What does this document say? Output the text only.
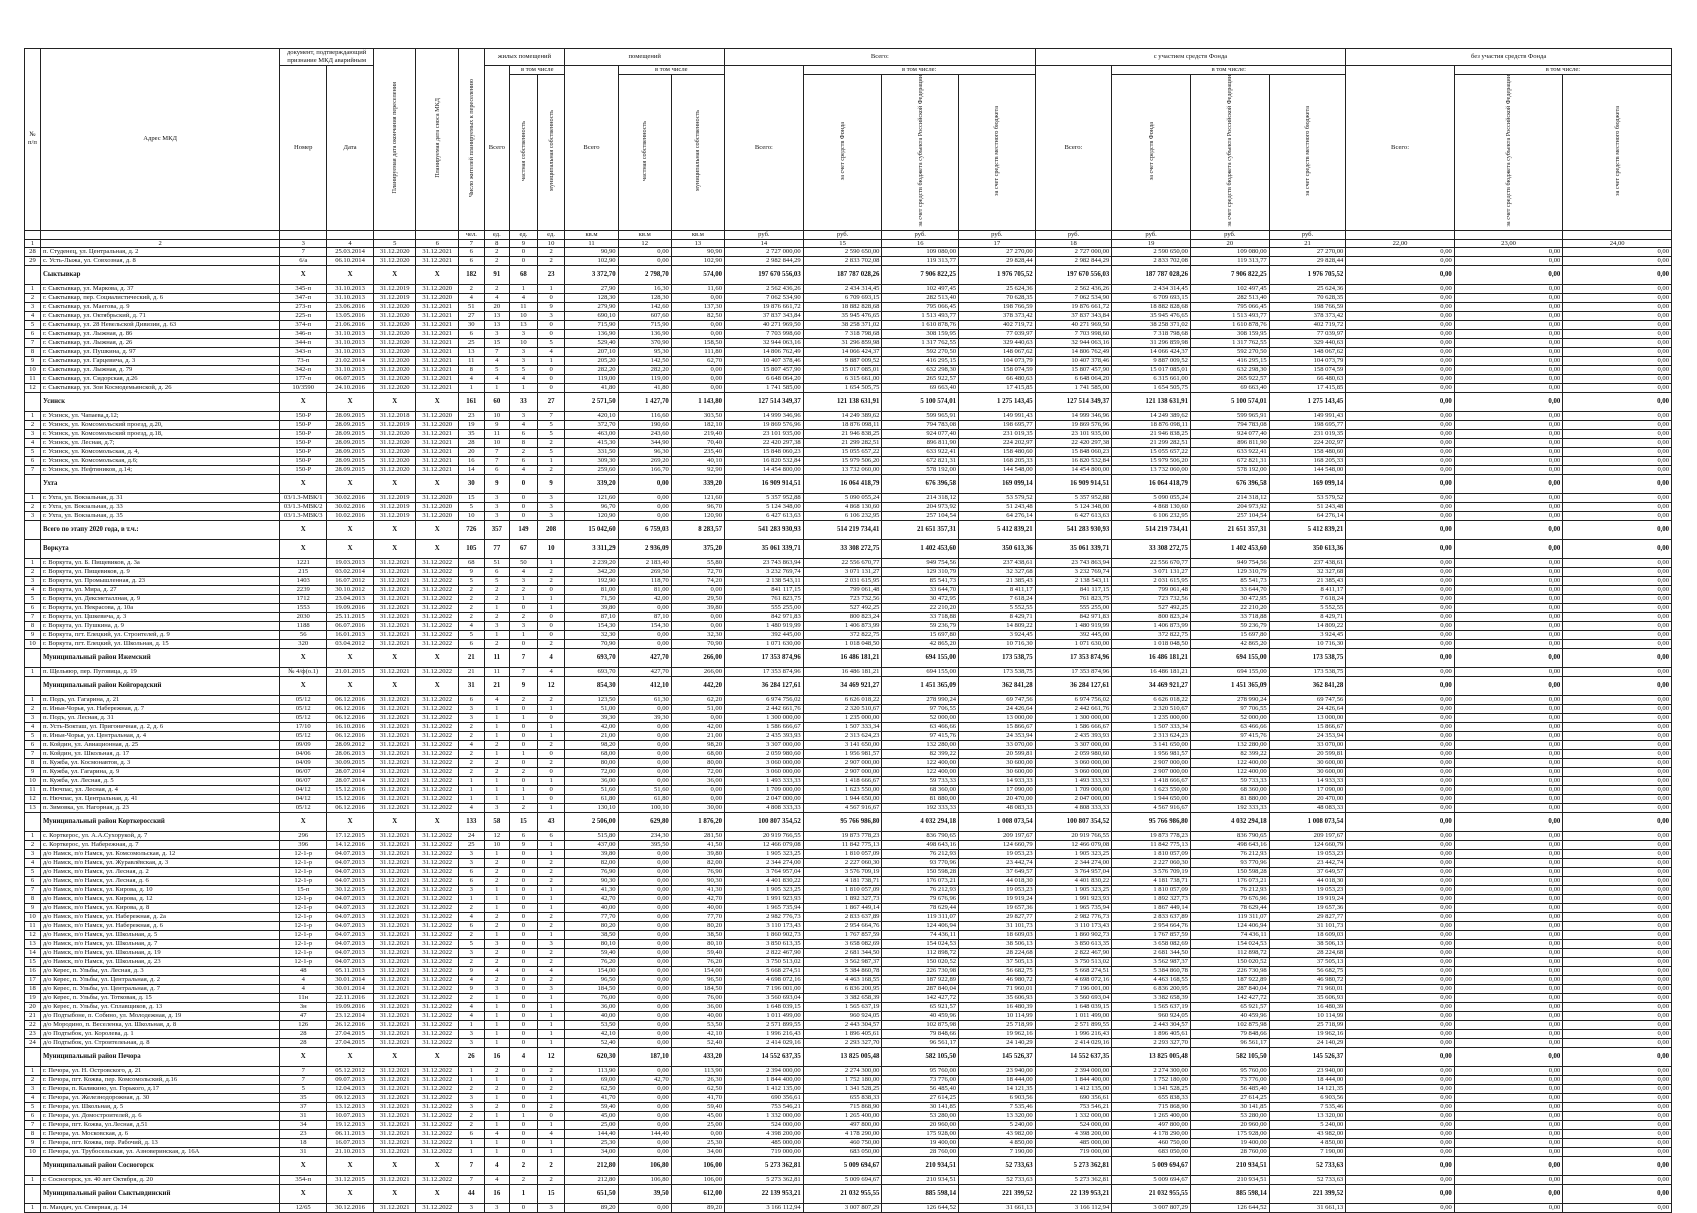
№ п/п	Адрес МКД	документ, подтверждающий признание МКД аварийным		Планируемая дата окончания переселения	Планируемая дата сноса МКД	Число жителей планируемых к переселению	жилых помещений			помещений			Всего:				с участием средств Фонда				без участия средств Фонда		
		Номер	Дата				Всего	в том числе		Всего	в том числе		Всего:	в том числе:			Всего:	в том числе:			Всего:	в том числе:	
								частная собственность	муниципальная собственность		частная собственность	муниципальная собственность		за счет средств Фонда	за счет средств бюджета субъекта Российской Федерации	за счет средств местного бюджета		за счет средств Фонда	за счет средств бюджета субъекта Российской Федерации	за счет средств местного бюджета		за счет средств бюджета субъекта Российской Федерации	за счет средств местного бюджета
						чел.	ед.	ед.	ед.	кв.м	кв.м	кв.м	руб.	руб.	руб.	руб.	руб.	руб.	руб.	руб.			
1	2	3	4	5	6	7	8	9	10	11	12	13	14	15	16	17	18	19	20	21	22,00	23,00	24,00
28	п. Студенец, ул. Центральная, д. 2	7	25.03.2014	31.12.2020	31.12.2021	6	2	0	2	90,90	0,00	90,90	2 727 000,00	2 590 650,00	109 080,00	27 270,00	2 727 000,00	2 590 650,00	109 080,00	27 270,00	0,00	0,00	0,00
29	с. Усть-Лыжа, ул. Совхозная, д. 8	6/а	06.10.2014	31.12.2020	31.12.2021	6	2	0	2	102,90	0,00	102,90	2 982 844,29	2 833 702,08	119 313,77	29 828,44	2 982 844,29	2 833 702,08	119 313,77	29 828,44	0,00	0,00	0,00
	Сыктывкар	X	X	X	X	182	91	68	23	3 372,70	2 798,70	574,00	197 670 556,03	187 787 028,26	7 906 822,25	1 976 705,52	197 670 556,03	187 787 028,26	7 906 822,25	1 976 705,52	0,00	0,00	0,00
1	г. Сыктывкар, ул. Маркова, д. 37	345-п	31.10.2013	31.12.2019	31.12.2020	2	2	1	1	27,90	16,30	11,60	2 562 436,26	2 434 314,45	102 497,45	25 624,36	2 562 436,26	2 434 314,45	102 497,45	25 624,36	0,00	0,00	0,00
2	г. Сыктывкар, пер. Социалистический, д. 6	347-п	31.10.2013	31.12.2019	31.12.2020	4	4	4	0	128,30	128,30	0,00	7 062 534,90	6 709 693,15	282 513,40	70 628,35	7 062 534,90	6 709 693,15	282 513,40	70 628,35	0,00	0,00	0,00
3	г. Сыктывкар, ул. Маегова, д. 9	273-п	23.06.2016	31.12.2020	31.12.2021	51	20	11	9	279,90	142,60	137,30	19 876 661,72	18 882 828,68	795 066,45	198 766,59	19 876 661,72	18 882 828,68	795 066,45	198 766,59	0,00	0,00	0,00
4	г. Сыктывкар, ул. Октябрьский, д. 71	225-п	13.05.2016	31.12.2020	31.12.2021	27	13	10	3	690,10	607,60	82,50	37 837 343,84	35 945 476,65	1 513 493,77	378 373,42	37 837 343,84	35 945 476,65	1 513 493,77	378 373,42	0,00	0,00	0,00
5	г. Сыктывкар, ул. 28 Невельской Дивизии, д. 63	374-п	21.06.2016	31.12.2020	31.12.2021	30	13	13	0	715,90	715,90	0,00	40 271 969,50	38 258 371,02	1 610 878,76	402 719,72	40 271 969,50	38 258 371,02	1 610 878,76	402 719,72	0,00	0,00	0,00
6	г. Сыктывкар, ул. Лыжная, д. 86	346-п	31.10.2013	31.12.2020	31.12.2021	6	3	3	0	136,90	136,90	0,00	7 703 998,60	7 318 798,68	308 159,95	77 039,97	7 703 998,60	7 318 798,68	308 159,95	77 039,97	0,00	0,00	0,00
7	г. Сыктывкар, ул. Лыжная, д. 26	344-п	31.10.2013	31.12.2020	31.12.2021	25	15	10	5	529,40	370,90	158,50	32 944 063,16	31 296 859,98	1 317 762,55	329 440,63	32 944 063,16	31 296 859,98	1 317 762,55	329 440,63	0,00	0,00	0,00
8	г. Сыктывкар, ул. Пушкина, д. 97	343-п	31.10.2013	31.12.2020	31.12.2021	13	7	3	4	207,10	95,30	111,80	14 806 762,49	14 066 424,37	592 270,50	148 067,62	14 806 762,49	14 066 424,37	592 270,50	148 067,62	0,00	0,00	0,00
9	г. Сыктывкар, ул. Гарцевича, д. 3	73-п	21.02.2014	31.12.2020	31.12.2021	11	4	3	1	205,20	142,50	62,70	10 407 378,46	9 887 009,52	416 295,15	104 073,79	10 407 378,46	9 887 009,52	416 295,15	104 073,79	0,00	0,00	0,00
10	г. Сыктывкар, ул. Лыжная, д. 79	342-п	31.10.2013	31.12.2020	31.12.2021	8	5	5	0	282,20	282,20	0,00	15 807 457,90	15 017 085,01	632 298,30	158 074,59	15 807 457,90	15 017 085,01	632 298,30	158 074,59	0,00	0,00	0,00
11	г. Сыктывкар, ул. Сидорская, д.26	177-п	06.07.2015	31.12.2020	31.12.2021	4	4	4	0	119,00	119,00	0,00	6 648 064,20	6 315 661,00	265 922,57	66 480,63	6 648 064,20	6 315 661,00	265 922,57	66 480,63	0,00	0,00	0,00
12	г. Сыктывкар, ул. Зои Космодемьянской, д. 26	10/3590	24.10.2016	31.12.2020	31.12.2021	1	1	1	0	41,80	41,80	0,00	1 741 585,00	1 654 505,75	69 663,40	17 415,85	1 741 585,00	1 654 505,75	69 663,40	17 415,85	0,00	0,00	0,00
	Усинск	X	X	X	X	161	60	33	27	2 571,50	1 427,70	1 143,80	127 514 349,37	121 138 631,91	5 100 574,01	1 275 143,45	127 514 349,37	121 138 631,91	5 100 574,01	1 275 143,45	0,00	0,00	0,00
1	г. Усинск, ул. Чапаева,д.12;	150-Р	28.09.2015	31.12.2018	31.12.2020	23	10	3	7	420,10	116,60	303,50	14 999 346,96	14 249 389,62	599 965,91	149 991,43	14 999 346,96	14 249 389,62	599 965,91	149 991,43	0,00	0,00	0,00
2	г. Усинск, ул. Комсомольский проезд, д.20,	150-Р	28.09.2015	31.12.2019	31.12.2020	19	9	4	5	372,70	190,60	182,10	19 869 576,96	18 876 098,11	794 783,08	198 695,77	19 869 576,96	18 876 098,11	794 783,08	198 695,77	0,00	0,00	0,00
3	г. Усинск, ул. Комсомольский проезд, д.18,	150-Р	28.09.2015	31.12.2020	31.12.2021	35	11	6	5	463,00	243,60	219,40	23 101 935,00	21 946 838,25	924 077,40	231 019,35	23 101 935,00	21 946 838,25	924 077,40	231 019,35	0,00	0,00	0,00
4	г. Усинск, ул. Лесная, д.7;	150-Р	28.09.2015	31.12.2020	31.12.2021	28	10	8	2	415,30	344,90	70,40	22 420 297,38	21 299 282,51	896 811,90	224 202,97	22 420 297,38	21 299 282,51	896 811,90	224 202,97	0,00	0,00	0,00
5	г. Усинск, ул. Комсомольская, д. 4,	150-Р	28.09.2015	31.12.2020	31.12.2021	20	7	2	5	331,50	96,30	235,40	15 848 060,23	15 055 657,22	633 922,41	158 480,60	15 848 060,23	15 055 657,22	633 922,41	158 480,60	0,00	0,00	0,00
6	г. Усинск, ул. Комсомольская, д.6;	150-Р	28.09.2015	31.12.2020	31.12.2021	16	7	6	1	309,30	269,20	40,10	16 820 532,84	15 979 506,20	672 821,31	168 205,33	16 820 532,84	15 979 506,20	672 821,31	168 205,33	0,00	0,00	0,00
7	г. Усинск, ул. Нефтяников, д.14;	150-Р	28.09.2015	31.12.2020	31.12.2021	14	6	4	2	259,60	166,70	92,90	14 454 800,00	13 732 060,00	578 192,00	144 548,00	14 454 800,00	13 732 060,00	578 192,00	144 548,00	0,00	0,00	0,00
	Ухта	X	X	X	X	30	9	0	9	339,20	0,00	339,20	16 909 914,51	16 064 418,79	676 396,58	169 099,14	16 909 914,51	16 064 418,79	676 396,58	169 099,14	0,00	0,00	0,00
1	г. Ухта, ул. Вокзальная, д. 31	03/1.3-МВК/1	30.02.2016	31.12.2019	31.12.2020	15	3	0	3	121,60	0,00	121,60	5 357 952,88	5 090 055,24	214 318,12	53 579,52	5 357 952,88	5 090 055,24	214 318,12	53 579,52	0,00	0,00	0,00
2	г. Ухта, ул. Вокзальная, д. 33	03/1.3-МВК/2	30.02.2016	31.12.2019	31.12.2020	5	3	0	3	96,70	0,00	96,70	5 124 348,00	4 868 130,60	204 973,92	51 243,48	5 124 348,00	4 868 130,60	204 973,92	51 243,48	0,00	0,00	0,00
3	г. Ухта, ул. Вокзальная, д. 35	03/1.3-МВК/3	10.02.2016	31.12.2019	31.12.2020	10	3	0	3	120,90	0,00	120,90	6 427 613,63	6 106 232,95	257 104,54	64 276,14	6 427 613,63	6 106 232,95	257 104,54	64 276,14	0,00	0,00	0,00
	Всего по этапу 2020 года, в т.ч.:	X	X	X	X	726	357	149	208	15 042,60	6 759,03	8 283,57	541 283 930,93	514 219 734,41	21 651 357,31	5 412 839,21	541 283 930,93	514 219 734,41	21 651 357,31	5 412 839,21	0,00	0,00	0,00
	Воркута	X	X	X	X	105	77	67	10	3 311,29	2 936,09	375,20	35 061 339,71	33 308 272,75	1 402 453,60	350 613,36	35 061 339,71	33 308 272,75	1 402 453,60	350 613,36	0,00	0,00	0,00
1	г. Воркута, ул. Б. Пищевиков, д. 3а	1221	19.03.2013	31.12.2021	31.12.2022	68	51	50	1	2 239,20	2 183,40	55,80	23 743 863,94	22 556 670,77	949 754,56	237 438,61	23 743 863,94	22 556 670,77	949 754,56	237 438,61	0,00	0,00	0,00
2	г. Воркута, ул. Пищевиков, д. 9	215	03.02.2014	31.12.2021	31.12.2022	9	6	4	2	342,20	269,50	72,70	3 232 769,74	3 071 131,27	129 310,79	32 327,68	3 232 769,74	3 071 131,27	129 310,79	32 327,68	0,00	0,00	0,00
3	г. Воркута, ул. Промышленная, д. 23	1403	16.07.2012	31.12.2021	31.12.2022	5	5	3	2	192,90	118,70	74,20	2 138 543,11	2 031 615,95	85 541,73	21 385,43	2 138 543,11	2 031 615,95	85 541,73	21 385,43	0,00	0,00	0,00
4	г. Воркута, ул. Мира, д. 27	2239	30.10.2012	31.12.2021	31.12.2022	2	2	2	0	81,00	81,00	0,00	841 117,15	799 061,48	33 644,70	8 411,17	841 117,15	799 061,48	33 644,70	8 411,17	0,00	0,00	0,00
5	г. Воркута, ул. Дексметаллная, д. 9	1712	23.04.2013	31.12.2021	31.12.2022	2	2	1	1	71,50	42,00	29,50	761 823,75	723 732,56	30 472,95	7 618,24	761 823,75	723 732,56	30 472,95	7 618,24	0,00	0,00	0,00
6	г. Воркута, ул. Некрасова, д. 10а	1553	19.09.2016	31.12.2021	31.12.2022	2	1	0	1	39,80	0,00	39,80	555 255,00	527 492,25	22 210,20	5 552,55	555 255,00	527 492,25	22 210,20	5 552,55	0,00	0,00	0,00
7	г. Воркута, ул. Цшкевича, д. 3	2030	25.11.2015	31.12.2021	31.12.2022	2	2	2	0	87,10	87,10	0,00	842 971,83	800 823,24	33 718,88	8 429,71	842 971,83	800 823,24	33 718,88	8 429,71	0,00	0,00	0,00
8	г. Воркута, ул. Пушкина, д. 9	1188	06.07.2016	31.12.2021	31.12.2022	4	3	3	0	154,30	154,30	0,00	1 480 919,99	1 406 873,99	59 236,79	14 809,22	1 480 919,99	1 406 873,99	59 236,79	14 809,22	0,00	0,00	0,00
9	г. Воркута, пгт. Елецкий, ул. Строителей, д. 9	56	16.01.2013	31.12.2021	31.12.2022	5	1	1	0	32,30	0,00	32,30	392 445,00	372 822,75	15 697,80	3 924,45	392 445,00	372 822,75	15 697,80	3 924,45	0,00	0,00	0,00
10	г. Воркута, пгт. Елецкий, ул. Школьная, д. 15	320	03.04.2012	31.12.2021	31.12.2022	6	2	0	2	70,90	0,00	70,90	1 071 630,00	1 018 048,50	42 865,20	10 716,30	1 071 630,00	1 018 048,50	42 865,20	10 716,30	0,00	0,00	0,00
	Муниципальный район Ижемский	X	X	X	X	21	11	7	4	693,70	427,70	266,00	17 353 874,96	16 486 181,21	694 155,00	173 538,75	17 353 874,96	16 486 181,21	694 155,00	173 538,75	0,00	0,00	0,00
1	п. Щельяюр, пер. Пуговица, д. 19	№ 4/ф(о.1)	21.01.2015	31.12.2021	31.12.2022	21	11	7	4	693,70	427,70	266,00	17 353 874,96	16 486 181,21	694 155,00	173 538,75	17 353 874,96	16 486 181,21	694 155,00	173 538,75	0,00	0,00	0,00
	Муниципальный район Койгородский	X	X	X	X	31	21	9	12	854,30	412,10	442,20	36 284 127,61	34 469 921,27	1 451 365,09	362 841,28	36 284 127,61	34 469 921,27	1 451 365,09	362 841,28	0,00	0,00	0,00
1	п. Подъ, ул. Гагарина, д. 21	05/12	06.12.2016	31.12.2021	31.12.2022	6	4	2	2	123,50	61,30	62,20	6 974 756,02	6 626 018,22	278 990,24	69 747,56	6 974 756,02	6 626 018,22	278 990,24	69 747,56	0,00	0,00	0,00
2	п. Иньи-Чорья, ул. Набережная, д. 7	05/12	06.12.2016	31.12.2021	31.12.2022	3	1	0	1	51,00	0,00	51,00	2 442 661,76	2 320 510,67	97 706,55	24 426,64	2 442 661,76	2 320 510,67	97 706,55	24 426,64	0,00	0,00	0,00
3	п. Подъ, ул. Лесная, д. 31	05/12	06.12.2016	31.12.2021	31.12.2022	3	1	1	0	39,30	39,30	0,00	1 300 000,00	1 235 000,00	52 000,00	13 000,00	1 300 000,00	1 235 000,00	52 000,00	13 000,00	0,00	0,00	0,00
4	п. Усть-Вокташ, ул. Пригоничная, д. 2, д. 6	17/10	16.10.2016	31.12.2021	31.12.2022	2	1	0	1	42,00	0,00	42,00	1 586 666,67	1 507 333,34	63 466,66	15 866,67	1 586 666,67	1 507 333,34	63 466,66	15 866,67	0,00	0,00	0,00
5	п. Иньи-Чорья, ул. Центральная, д. 4	05/12	06.12.2016	31.12.2021	31.12.2022	2	1	0	1	21,00	0,00	21,00	2 435 393,93	2 313 624,23	97 415,76	24 353,94	2 435 393,93	2 313 624,23	97 415,76	24 353,94	0,00	0,00	0,00
6	п. Койдин, ул. Авиационная, д. 25	09/09	28.09.2012	31.12.2021	31.12.2022	4	2	0	2	98,20	0,00	98,20	3 307 000,00	3 141 650,00	132 280,00	33 070,00	3 307 000,00	3 141 650,00	132 280,00	33 070,00	0,00	0,00	0,00
7	п. Койдин, ул. Школьная, д. 17	04/06	28.06.2013	31.12.2021	31.12.2022	2	1	1	0	68,00	0,00	68,00	2 059 980,60	1 956 981,57	82 399,22	20 599,81	2 059 980,60	1 956 981,57	82 399,22	20 599,81	0,00	0,00	0,00
8	п. Кужба, ул. Космонавтов, д. 3	04/09	30.09.2015	31.12.2021	31.12.2022	2	2	0	2	80,00	0,00	80,00	3 060 000,00	2 907 000,00	122 400,00	30 600,00	3 060 000,00	2 907 000,00	122 400,00	30 600,00	0,00	0,00	0,00
9	п. Кужба, ул. Гагарина, д. 9	06/07	28.07.2014	31.12.2021	31.12.2022	2	2	2	0	72,00	0,00	72,00	3 060 000,00	2 907 000,00	122 400,00	30 600,00	3 060 000,00	2 907 000,00	122 400,00	30 600,00	0,00	0,00	0,00
10	п. Кужба, ул. Лесная, д. 5	06/07	28.07.2014	31.12.2021	31.12.2022	1	1	0	1	36,00	0,00	36,00	1 493 333,33	1 418 666,67	59 733,33	14 933,33	1 493 333,33	1 418 666,67	59 733,33	14 933,33	0,00	0,00	0,00
11	п. Нючпас, ул. Лесная, д. 4	04/12	15.12.2016	31.12.2021	31.12.2022	1	1	1	0	51,60	51,60	0,00	1 709 000,00	1 623 550,00	68 360,00	17 090,00	1 709 000,00	1 623 550,00	68 360,00	17 090,00	0,00	0,00	0,00
12	п. Нючпас, ул. Центральная, д. 41	04/12	15.12.2016	31.12.2021	31.12.2022	1	1	1	0	61,80	61,80	0,00	2 047 000,00	1 944 650,00	81 880,00	20 470,00	2 047 000,00	1 944 650,00	81 880,00	20 470,00	0,00	0,00	0,00
13	п. Зимовка, ул. Нагорная, д. 23	05/12	06.12.2016	31.12.2021	31.12.2022	4	3	2	1	130,10	100,10	30,00	4 808 333,33	4 567 916,67	192 333,33	48 083,33	4 808 333,33	4 567 916,67	192 333,33	48 083,33	0,00	0,00	0,00
	Муниципальный район Корткеросский	X	X	X	X	133	58	15	43	2 506,00	629,80	1 876,20	100 807 354,52	95 766 986,80	4 032 294,18	1 008 073,54	100 807 354,52	95 766 986,80	4 032 294,18	1 008 073,54	0,00	0,00	0,00
1	с. Корткерос, ул. А.А.Сухорукой, д. 7	296	17.12.2015	31.12.2021	31.12.2022	24	12	6	6	515,80	234,30	281,50	20 919 766,55	19 873 778,23	836 790,65	209 197,67	20 919 766,55	19 873 778,23	836 790,65	209 197,67	0,00	0,00	0,00
2	с. Корткерос, ул. Набережная, д. 7	396	14.12.2016	31.12.2021	31.12.2022	25	10	9	1	437,00	395,50	41,50	12 466 079,08	11 842 775,13	498 643,16	124 660,79	12 466 079,08	11 842 775,13	498 643,16	124 660,79	0,00	0,00	0,00
3	д/о Намск, п/о Намск, ул. Комсомольская, д. 12	12-1-р	04.07.2013	31.12.2021	31.12.2022	3	1	0	1	39,80	0,00	39,80	1 905 323,25	1 810 057,09	76 212,93	19 053,23	1 905 323,25	1 810 057,09	76 212,93	19 053,23	0,00	0,00	0,00
4	д/о Намск, п/о Намск, ул. Журавлёвская, д. 3	12-1-р	04.07.2013	31.12.2021	31.12.2022	3	2	0	2	82,00	0,00	82,00	2 344 274,00	2 227 060,30	93 770,96	23 442,74	2 344 274,00	2 227 060,30	93 770,96	23 442,74	0,00	0,00	0,00
5	д/о Намск, п/о Намск, ул. Лесная, д. 2	12-1-р	04.07.2013	31.12.2021	31.12.2022	6	2	0	2	76,90	0,00	76,90	3 764 957,04	3 576 709,19	150 598,28	37 649,57	3 764 957,04	3 576 709,19	150 598,28	37 649,57	0,00	0,00	0,00
6	д/о Намск, п/о Намск, ул. Лесная, д. 6	12-1-р	04.07.2013	31.12.2021	31.12.2022	6	2	0	2	90,30	0,00	90,30	4 401 830,22	4 181 738,71	176 073,21	44 018,30	4 401 830,22	4 181 738,71	176 073,21	44 018,30	0,00	0,00	0,00
7	д/о Намск, п/о Намск, ул. Кирова, д. 10	15-п	30.12.2015	31.12.2021	31.12.2022	3	1	0	1	41,30	0,00	41,30	1 905 323,25	1 810 057,09	76 212,93	19 053,23	1 905 323,25	1 810 057,09	76 212,93	19 053,23	0,00	0,00	0,00
8	д/о Намск, п/о Намск, ул. Кирова, д. 12	12-1-р	04.07.2013	31.12.2021	31.12.2022	1	1	0	1	42,70	0,00	42,70	1 991 923,93	1 892 327,73	79 676,96	19 919,24	1 991 923,93	1 892 327,73	79 676,96	19 919,24	0,00	0,00	0,00
9	д/о Намск, п/о Намск, ул. Кирова, д. 8	12-1-р	04.07.2013	31.12.2021	31.12.2022	2	1	0	1	40,00	0,00	40,00	1 965 735,94	1 867 449,14	78 629,44	19 657,36	1 965 735,94	1 867 449,14	78 629,44	19 657,36	0,00	0,00	0,00
10	д/о Намск, п/о Намск, ул. Набережная, д. 2а	12-1-р	04.07.2013	31.12.2021	31.12.2022	4	2	0	2	77,70	0,00	77,70	2 982 776,73	2 833 637,89	119 311,07	29 827,77	2 982 776,73	2 833 637,89	119 311,07	29 827,77	0,00	0,00	0,00
11	д/о Намск, п/о Намск, ул. Набережная, д. 6	12-1-р	04.07.2013	31.12.2021	31.12.2022	6	2	0	2	80,20	0,00	80,20	3 110 173,43	2 954 664,76	124 406,94	31 101,73	3 110 173,43	2 954 664,76	124 406,94	31 101,73	0,00	0,00	0,00
12	д/о Намск, п/о Намск, ул. Школьная, д. 5	12-1-р	04.07.2013	31.12.2021	31.12.2022	2	1	0	1	38,50	0,00	38,50	1 860 902,73	1 767 857,59	74 436,11	18 609,03	1 860 902,73	1 767 857,59	74 436,11	18 609,03	0,00	0,00	0,00
13	д/о Намск, п/о Намск, ул. Школьная, д. 7	12-1-р	04.07.2013	31.12.2021	31.12.2022	5	3	0	3	80,10	0,00	80,10	3 850 613,35	3 658 082,69	154 024,53	38 506,13	3 850 613,35	3 658 082,69	154 024,53	38 506,13	0,00	0,00	0,00
14	д/о Намск, п/о Намск, ул. Школьная, д. 19	12-1-р	04.07.2013	31.12.2021	31.12.2022	3	2	0	2	59,40	0,00	59,40	2 822 467,90	2 681 344,50	112 898,72	28 224,68	2 822 467,90	2 681 344,50	112 898,72	28 224,68	0,00	0,00	0,00
15	д/о Намск, п/о Намск, ул. Школьная, д. 23	12-1-р	04.07.2013	31.12.2021	31.12.2022	2	2	0	2	76,20	0,00	76,20	3 750 513,02	3 562 987,37	150 020,52	37 505,13	3 750 513,02	3 562 987,37	150 020,52	37 505,13	0,00	0,00	0,00
16	д/о Керес, п. Ульбы, ул. Лесная, д. 3	48	05.11.2013	31.12.2021	31.12.2022	9	4	0	4	154,00	0,00	154,00	5 668 274,51	5 384 860,78	226 730,98	56 682,75	5 668 274,51	5 384 860,78	226 730,98	56 682,75	0,00	0,00	0,00
17	д/о Керес, п. Ульбы, ул. Центральная, д. 2	4	30.01.2014	31.12.2021	31.12.2022	4	2	0	2	96,50	0,00	96,50	4 698 072,16	4 463 168,55	187 922,89	46 980,72	4 698 072,16	4 463 168,55	187 922,89	46 980,72	0,00	0,00	0,00
18	д/о Керес, п. Ульбы, ул. Центральная, д. 7	4	30.01.2014	31.12.2021	31.12.2022	9	3	0	3	184,50	0,00	184,50	7 196 001,00	6 836 200,95	287 840,04	71 960,01	7 196 001,00	6 836 200,95	287 840,04	71 960,01	0,00	0,00	0,00
19	д/о Керес, п. Ульбы, ул. Тотковая, д. 15	11н	22.11.2016	31.12.2021	31.12.2022	2	1	0	1	76,00	0,00	76,00	3 560 693,04	3 382 658,39	142 427,72	35 606,93	3 560 693,04	3 382 658,39	142 427,72	35 606,93	0,00	0,00	0,00
20	д/о Керес, п. Ульбы, ул. Сплавщиков, д. 13	3н	19.09.2016	31.12.2021	31.12.2022	4	1	0	1	36,00	0,00	36,00	1 648 039,15	1 565 637,19	65 921,57	16 480,39	1 648 039,15	1 565 637,19	65 921,57	16 480,39	0,00	0,00	0,00
21	д/о Подтыбоне, п. Собино, ул. Молодежная, д. 19	47	23.12.2014	31.12.2021	31.12.2022	4	1	0	1	40,00	0,00	40,00	1 011 499,00	960 924,05	40 459,96	10 114,99	1 011 499,00	960 924,05	40 459,96	10 114,99	0,00	0,00	0,00
22	д/о Мородино, п. Веселенка, ул. Школьная, д. 8	126	26.12.2016	31.12.2021	31.12.2022	1	1	0	1	53,50	0,00	53,50	2 571 899,55	2 443 304,57	102 875,98	25 718,99	2 571 899,55	2 443 304,57	102 875,98	25 718,99	0,00	0,00	0,00
23	д/о Подтыбок, ул. Королева, д. 1	28	27.04.2015	31.12.2021	31.12.2022	3	1	0	1	42,10	0,00	42,10	1 996 216,43	1 896 405,61	79 848,66	19 962,16	1 996 216,43	1 896 405,61	79 848,66	19 962,16	0,00	0,00	0,00
24	д/о Подтыбок, ул. Строителеьная, д. 8	28	27.04.2015	31.12.2021	31.12.2022	3	1	0	1	52,40	0,00	52,40	2 414 029,16	2 293 327,70	96 561,17	24 140,29	2 414 029,16	2 293 327,70	96 561,17	24 140,29	0,00	0,00	0,00
	Муниципальный район Печора	X	X	X	X	26	16	4	12	620,30	187,10	433,20	14 552 637,35	13 825 005,48	582 105,50	145 526,37	14 552 637,35	13 825 005,48	582 105,50	145 526,37	0,00	0,00	0,00
1	г. Печора, ул. Н. Островского, д. 21	7	05.12.2012	31.12.2021	31.12.2022	1	2	0	2	113,90	0,00	113,90	2 394 000,00	2 274 300,00	95 760,00	23 940,00	2 394 000,00	2 274 300,00	95 760,00	23 940,00	0,00	0,00	0,00
2	г. Печора, пгт. Кожва, пер. Комсомольский, д.16	7	09.07.2013	31.12.2021	31.12.2022	1	1	0	1	69,00	42,70	26,30	1 844 400,00	1 752 180,00	73 776,00	18 444,00	1 844 400,00	1 752 180,00	73 776,00	18 444,00	0,00	0,00	0,00
3	г. Печора, п. Каликино, ул. Горького, д.17	5	12.04.2013	31.12.2021	31.12.2022	2	2	0	2	62,50	0,00	62,50	1 412 135,00	1 341 528,25	56 485,40	14 121,35	1 412 135,00	1 341 528,25	56 485,40	14 121,35	0,00	0,00	0,00
4	г. Печора, ул. Железнодорожная, д. 30	35	09.12.2013	31.12.2021	31.12.2022	3	1	0	1	41,70	0,00	41,70	690 356,61	655 838,33	27 614,25	6 903,56	690 356,61	655 838,33	27 614,25	6 903,56	0,00	0,00	0,00
5	г. Печора, ул. Школьная, д. 5	37	13.12.2013	31.12.2021	31.12.2022	3	2	0	2	59,40	0,00	59,40	753 546,21	715 868,90	30 141,85	7 535,46	753 546,21	715 868,90	30 141,85	7 535,46	0,00	0,00	0,00
6	г. Печора, ул. Домостроителей, д. 6	31	10.07.2013	31.12.2021	31.12.2022	2	1	1	0	45,00	0,00	45,00	1 332 000,00	1 265 400,00	53 280,00	13 320,00	1 332 000,00	1 265 400,00	53 280,00	13 320,00	0,00	0,00	0,00
7	г. Печора, пгт. Кожва, ул.Лесная, д.51	34	19.12.2013	31.12.2021	31.12.2022	2	1	0	1	25,00	0,00	25,00	524 000,00	497 800,00	20 960,00	5 240,00	524 000,00	497 800,00	20 960,00	5 240,00	0,00	0,00	0,00
8	г. Печора, ул. Московская, д. 6	23	06.11.2013	31.12.2021	31.12.2022	6	4	0	4	144,40	144,40	0,00	4 398 200,00	4 178 290,00	175 928,00	43 982,00	4 398 200,00	4 178 290,00	175 928,00	43 982,00	0,00	0,00	0,00
9	г. Печора, пгт. Кожва, пер. Рабочий, д. 13	18	16.07.2013	31.12.2021	31.12.2022	1	1	0	1	25,30	0,00	25,30	485 000,00	460 750,00	19 400,00	4 850,00	485 000,00	460 750,00	19 400,00	4 850,00	0,00	0,00	0,00
10	г. Печора, ул. Трубосельская, ул. Азноверинская, д. 16А	31	21.10.2013	31.12.2021	31.12.2022	1	1	0	1	34,00	0,00	34,00	719 000,00	683 050,00	28 760,00	7 190,00	719 000,00	683 050,00	28 760,00	7 190,00	0,00	0,00	0,00
	Муниципальный район Сосногорск	X	X	X	X	7	4	2	2	212,80	106,80	106,00	5 273 362,81	5 009 694,67	210 934,51	52 733,63	5 273 362,81	5 009 694,67	210 934,51	52 733,63	0,00	0,00	0,00
1	г. Сосногорск, ул. 40 лет Октября, д. 20	354-п	31.12.2015	31.12.2021	31.12.2022	7	4	2	2	212,80	106,80	106,00	5 273 362,81	5 009 694,67	210 934,51	52 733,63	5 273 362,81	5 009 694,67	210 934,51	52 733,63	0,00	0,00	0,00
	Муниципальный район Сыктывдинский	X	X	X	X	44	16	1	15	651,50	39,50	612,00	22 139 953,21	21 032 955,55	885 598,14	221 399,52	22 139 953,21	21 032 955,55	885 598,14	221 399,52	0,00	0,00	0,00
1	п. Мандач, ул. Северная, д. 14	12/65	30.12.2016	31.12.2021	31.12.2022	3	3	0	3	89,20	0,00	89,20	3 166 112,94	3 007 807,29	126 644,52	31 661,13	3 166 112,94	3 007 807,29	126 644,52	31 661,13	0,00	0,00	0,00
